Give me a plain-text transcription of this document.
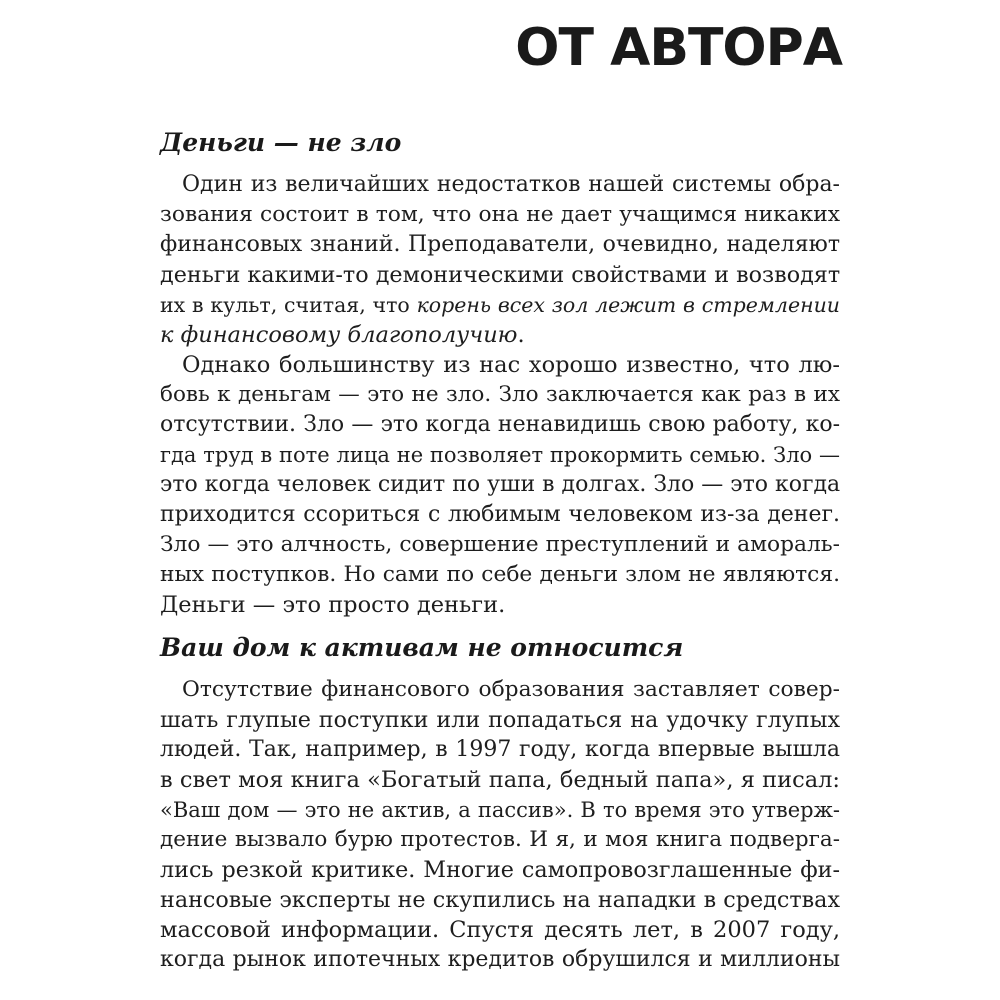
ОТ АВТОРА
Деньги — не зло

Один из величайших недостатков нашей системы обра-

зования состоит в том, что она не дает учащимся никаких

финансовых знаний. Преподаватели, очевидно, наделяют

деньги какими-то демоническими свойствами и возводят

их в культ, считая, что корень всех зол лежит в стремлении

к финансовому благополучию.

Однако большинству из нас хорошо известно, что лю-

бовь к деньгам — это не зло. Зло заключается как раз в их

отсутствии. Зло — это когда ненавидишь свою работу, ко-

гда труд в поте лица не позволяет прокормить семью. Зло —

это когда человек сидит по уши в долгах. Зло — это когда

приходится ссориться с любимым человеком из-за денег.

Зло — это алчность, совершение преступлений и амораль-

ных поступков. Но сами по себе деньги злом не являются.

Деньги — это просто деньги.

Ваш дом к активам не относится

Отсутствие финансового образования заставляет совер-

шать глупые поступки или попадаться на удочку глупых

людей. Так, например, в 1997 году, когда впервые вышла

в свет моя книга «Богатый папа, бедный папа», я писал:

«Ваш дом — это не актив, а пассив». В то время это утверж-

дение вызвало бурю протестов. И я, и моя книга подверга-

лись резкой критике. Многие самопровозглашенные фи-

нансовые эксперты не скупились на нападки в средствах

массовой информации. Спустя десять лет, в 2007 году,

когда рынок ипотечных кредитов обрушился и миллионы
